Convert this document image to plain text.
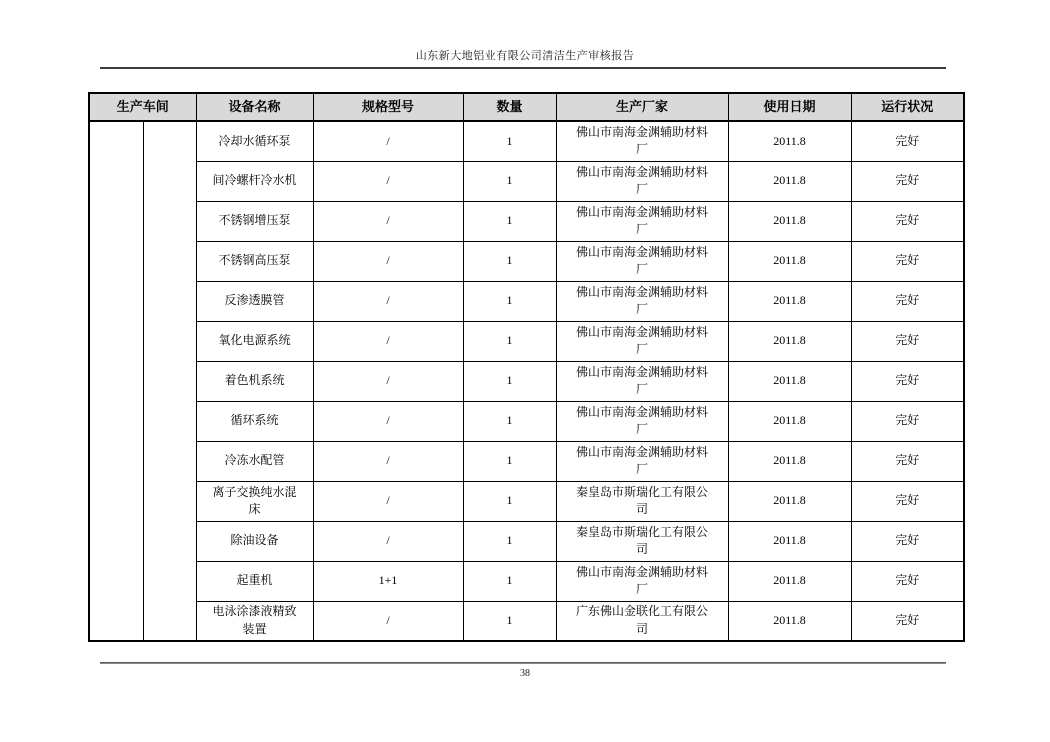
山东新大地铝业有限公司清洁生产审核报告
生产车间		设备名称	规格型号	数量	生产厂家	使用日期	运行状况
		冷却水循环泵	/	1	佛山市南海金渊辅助材料厂	2011.8	完好
		间冷螺杆冷水机	/	1	佛山市南海金渊辅助材料厂	2011.8	完好
		不锈钢增压泵	/	1	佛山市南海金渊辅助材料厂	2011.8	完好
		不锈钢高压泵	/	1	佛山市南海金渊辅助材料厂	2011.8	完好
		反渗透膜管	/	1	佛山市南海金渊辅助材料厂	2011.8	完好
		氧化电源系统	/	1	佛山市南海金渊辅助材料厂	2011.8	完好
		着色机系统	/	1	佛山市南海金渊辅助材料厂	2011.8	完好
		循环系统	/	1	佛山市南海金渊辅助材料厂	2011.8	完好
		冷冻水配管	/	1	佛山市南海金渊辅助材料厂	2011.8	完好
		离子交换纯水混床	/	1	秦皇岛市斯瑞化工有限公司	2011.8	完好
		除油设备	/	1	秦皇岛市斯瑞化工有限公司	2011.8	完好
		起重机	1+1	1	佛山市南海金渊辅助材料厂	2011.8	完好
		电泳涂漆液精致装置	/	1	广东佛山金联化工有限公司	2011.8	完好
38
